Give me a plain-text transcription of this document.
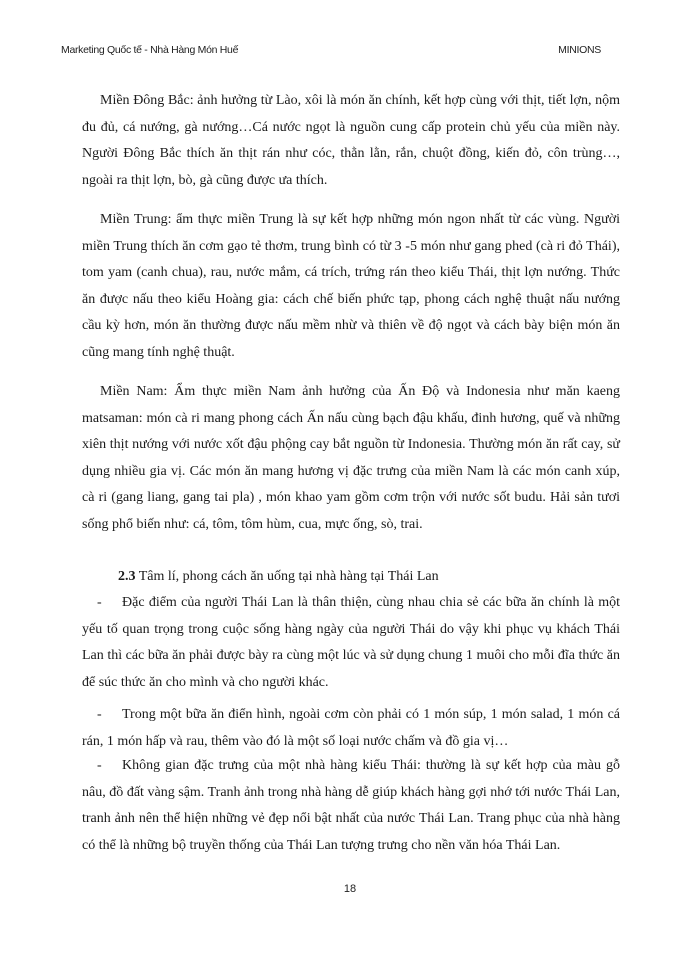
Marketing Quốc tế - Nhà Hàng Món Huế	MINIONS

Miền Đông Bắc: ảnh hưởng từ Lào, xôi là món ăn chính, kết hợp cùng với thịt, tiết lợn, nộm đu đủ, cá nướng, gà nướng…Cá nước ngọt là nguồn cung cấp protein chủ yếu của miền này. Người Đông Bắc thích ăn thịt rán như cóc, thằn lằn, rắn, chuột đồng, kiến đỏ, côn trùng…, ngoài ra thịt lợn, bò, gà cũng được ưa thích.

Miền Trung: ẩm thực miền Trung là sự kết hợp những món ngon nhất từ các vùng. Người miền Trung thích ăn cơm gạo tẻ thơm, trung bình có từ 3 -5 món như gang phed (cà ri đỏ Thái), tom yam (canh chua), rau, nước mắm, cá trích, trứng rán theo kiểu Thái, thịt lợn nướng. Thức ăn được nấu theo kiểu Hoàng gia: cách chế biến phức tạp, phong cách nghệ thuật nấu nướng cầu kỳ hơn, món ăn thường được nấu mềm nhừ và thiên về độ ngọt và cách bày biện món ăn cũng mang tính nghệ thuật.

Miền Nam: Ẩm thực miền Nam ảnh hưởng của Ấn Độ và Indonesia như măn kaeng matsaman: món cà ri mang phong cách Ấn nấu cùng bạch đậu khấu, đinh hương, quế và những xiên thịt nướng với nước xốt đậu phộng cay bắt nguồn từ Indonesia. Thường món ăn rất cay, sử dụng nhiều gia vị. Các món ăn mang hương vị đặc trưng của miền Nam là các món canh xúp, cà ri (gang liang, gang tai pla) , món khao yam gồm cơm trộn với nước sốt budu. Hải sản tươi sống phổ biến như: cá, tôm, tôm hùm, cua, mực ống, sò, trai.

2.3 Tâm lí, phong cách ăn uống tại nhà hàng tại Thái Lan

- Đặc điểm của người Thái Lan là thân thiện, cùng nhau chia sẻ các bữa ăn chính là một yếu tố quan trọng trong cuộc sống hàng ngày của người Thái do vậy khi phục vụ khách Thái Lan thì các bữa ăn phải được bày ra cùng một lúc và sử dụng chung 1 muôi cho mỗi đĩa thức ăn để súc thức ăn cho mình và cho người khác.

- Trong một bữa ăn điển hình, ngoài cơm còn phải có 1 món súp, 1 món salad, 1 món cá rán, 1 món hấp và rau, thêm vào đó là một số loại nước chấm và đồ gia vị…

- Không gian đặc trưng của một nhà hàng kiểu Thái: thường là sự kết hợp của màu gỗ nâu, đồ đất vàng sậm. Tranh ảnh trong nhà hàng dễ giúp khách hàng gợi nhớ tới nước Thái Lan, tranh ảnh nên thể hiện những vẻ đẹp nổi bật nhất của nước Thái Lan. Trang phục của nhà hàng có thể là những bộ truyền thống của Thái Lan tượng trưng cho nền văn hóa Thái Lan.

18
